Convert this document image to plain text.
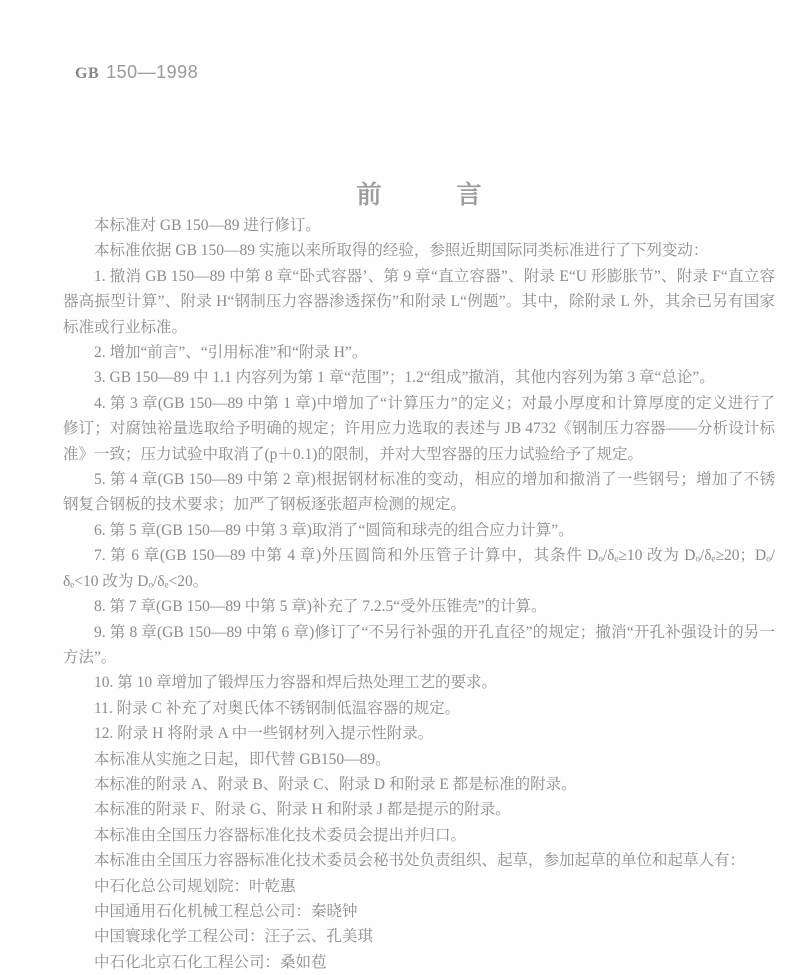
GB 150—1998
前　　　言

本标准对 GB 150—89 进行修订。

本标准依据 GB 150—89 实施以来所取得的经验，参照近期国际同类标准进行了下列变动：

1. 撤消 GB 150—89 中第 8 章“卧式容器’、第 9 章“直立容器”、附录 E“U 形膨胀节”、附录 F“直立容器高振型计算”、附录 H“钢制压力容器渗透探伤”和附录 L“例题”。其中，除附录 L 外，其余已另有国家标准或行业标准。

2. 增加“前言”、“引用标准”和“附录 H”。

3. GB 150—89 中 1.1 内容列为第 1 章“范围”；1.2“组成”撤消，其他内容列为第 3 章“总论”。

4. 第 3 章(GB 150—89 中第 1 章)中增加了“计算压力”的定义；对最小厚度和计算厚度的定义进行了修订；对腐蚀裕量选取给予明确的规定；许用应力选取的表述与 JB 4732《钢制压力容器——分析设计标准》一致；压力试验中取消了(p＋0.1)的限制，并对大型容器的压力试验给予了规定。

5. 第 4 章(GB 150—89 中第 2 章)根据钢材标准的变动，相应的增加和撤消了一些钢号；增加了不锈钢复合钢板的技术要求；加严了钢板逐张超声检测的规定。

6. 第 5 章(GB 150—89 中第 3 章)取消了“圆筒和球壳的组合应力计算”。

7. 第 6 章(GB 150—89 中第 4 章)外压圆筒和外压管子计算中，其条件 Dₒ/δₑ≥10 改为 Dₒ/δₑ≥20；Dₒ/δₑ<10 改为 Dₒ/δₑ<20。

8. 第 7 章(GB 150—89 中第 5 章)补充了 7.2.5“受外压锥壳”的计算。

9. 第 8 章(GB 150—89 中第 6 章)修订了“不另行补强的开孔直径”的规定；撤消“开孔补强设计的另一方法”。

10. 第 10 章增加了锻焊压力容器和焊后热处理工艺的要求。

11. 附录 C 补充了对奥氏体不锈钢制低温容器的规定。

12. 附录 H 将附录 A 中一些钢材列入提示性附录。

本标准从实施之日起，即代替 GB150—89。

本标准的附录 A、附录 B、附录 C、附录 D 和附录 E 都是标准的附录。

本标准的附录 F、附录 G、附录 H 和附录 J 都是提示的附录。

本标准由全国压力容器标准化技术委员会提出并归口。

本标准由全国压力容器标准化技术委员会秘书处负责组织、起草，参加起草的单位和起草人有：

中石化总公司规划院：叶乾惠

中国通用石化机械工程总公司：秦晓钟

中国寰球化学工程公司：汪子云、孔美琪

中石化北京石化工程公司：桑如苞
